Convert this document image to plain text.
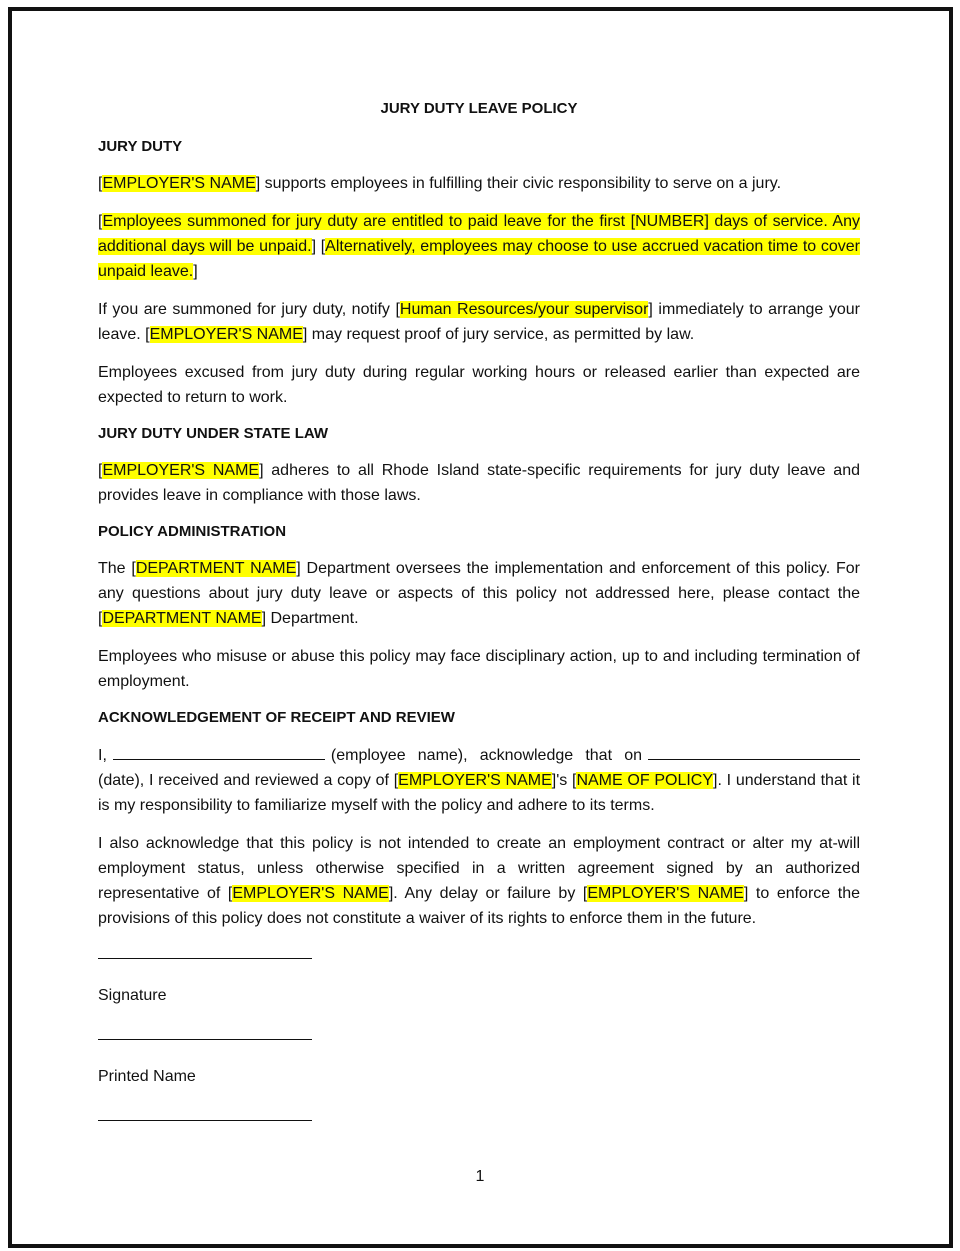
JURY DUTY LEAVE POLICY
JURY DUTY

[EMPLOYER'S NAME] supports employees in fulfilling their civic responsibility to serve on a jury.

[Employees summoned for jury duty are entitled to paid leave for the first [NUMBER] days of service. Any additional days will be unpaid.] [Alternatively, employees may choose to use accrued vacation time to cover unpaid leave.]

If you are summoned for jury duty, notify [Human Resources/your supervisor] immediately to arrange your leave. [EMPLOYER'S NAME] may request proof of jury service, as permitted by law.

Employees excused from jury duty during regular working hours or released earlier than expected are expected to return to work.

JURY DUTY UNDER STATE LAW

[EMPLOYER'S NAME] adheres to all Rhode Island state-specific requirements for jury duty leave and provides leave in compliance with those laws.

POLICY ADMINISTRATION

The [DEPARTMENT NAME] Department oversees the implementation and enforcement of this policy. For any questions about jury duty leave or aspects of this policy not addressed here, please contact the [DEPARTMENT NAME] Department.

Employees who misuse or abuse this policy may face disciplinary action, up to and including termination of employment.

ACKNOWLEDGEMENT OF RECEIPT AND REVIEW

I,	(employee name), acknowledge that on (date), I received and reviewed a copy of [EMPLOYER'S NAME]'s [NAME OF POLICY]. I understand that it is my responsibility to familiarize myself with the policy and adhere to its terms.

I also acknowledge that this policy is not intended to create an employment contract or alter my at-will employment status, unless otherwise specified in a written agreement signed by an authorized representative of [EMPLOYER'S NAME]. Any delay or failure by [EMPLOYER'S NAME] to enforce the provisions of this policy does not constitute a waiver of its rights to enforce them in the future.

Signature
Printed Name
1
